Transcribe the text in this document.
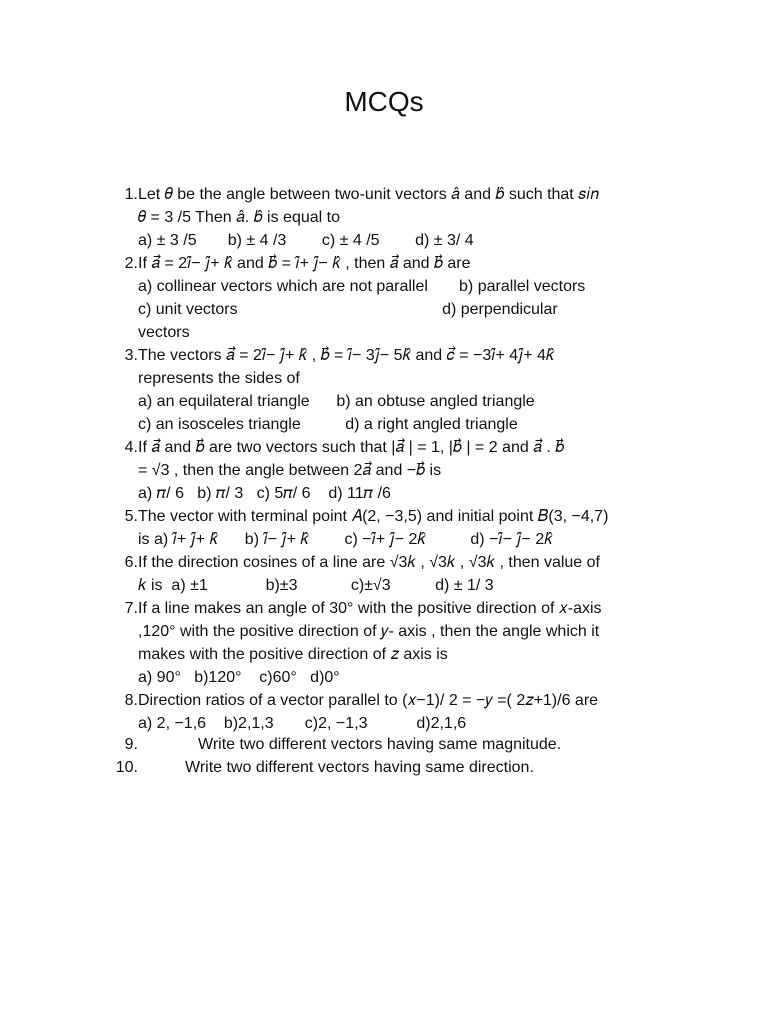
MCQs
1. Let 𝜃 be the angle between two-unit vectors 𝑎̂ and 𝑏̂ such that 𝑠𝑖𝑛
𝜃 = 3 /5 Then 𝑎̂. 𝑏̂ is equal to
a) ± 3 /5       b) ± 4 /3        c) ± 4 /5        d) ± 3/ 4
2. If 𝑎⃗ = 2𝑖̂− 𝑗̂+ 𝑘̂ and 𝑏⃗ = 𝑖̂+ 𝑗̂− 𝑘̂ , then 𝑎⃗ and 𝑏⃗ are
a) collinear vectors which are not parallel       b) parallel vectors
c) unit vectors                                              d) perpendicular
vectors
3. The vectors 𝑎⃗ = 2𝑖̂− 𝑗̂+ 𝑘̂ , 𝑏⃗ = 𝑖̂− 3𝑗̂− 5𝑘̂ and 𝑐⃗ = −3𝑖̂+ 4𝑗̂+ 4𝑘̂
represents the sides of
a) an equilateral triangle      b) an obtuse angled triangle
c) an isosceles triangle          d) a right angled triangle
4. If 𝑎⃗ and 𝑏⃗ are two vectors such that |𝑎⃗ | = 1, |𝑏⃗ | = 2 and 𝑎⃗ . 𝑏⃗
= √3 , then the angle between 2𝑎⃗ and −𝑏⃗ is
a) 𝜋/ 6   b) 𝜋/ 3   c) 5𝜋/ 6    d) 11𝜋 /6
5. The vector with terminal point 𝐴(2, −3,5) and initial point 𝐵(3, −4,7)
is a) 𝑖̂+ 𝑗̂+ 𝑘̂      b) 𝑖̂− 𝑗̂+ 𝑘̂        c) −𝑖̂+ 𝑗̂− 2𝑘̂          d) −𝑖̂− 𝑗̂− 2𝑘̂
6. If the direction cosines of a line are √3𝑘 , √3𝑘 , √3𝑘 , then value of
𝑘 is  a) ±1             b)±3            c)±√3          d) ± 1/ 3
7. If a line makes an angle of 30° with the positive direction of 𝑥-axis
,120° with the positive direction of 𝑦- axis , then the angle which it
makes with the positive direction of 𝑧 axis is
a) 90°   b)120°    c)60°   d)0°
8. Direction ratios of a vector parallel to (𝑥−1)/ 2 = −𝑦 =( 2𝑧+1)/6 are
a) 2, −1,6    b)2,1,3       c)2, −1,3           d)2,1,6
9.	Write two different vectors having same magnitude.
10.	Write two different vectors having same direction.
